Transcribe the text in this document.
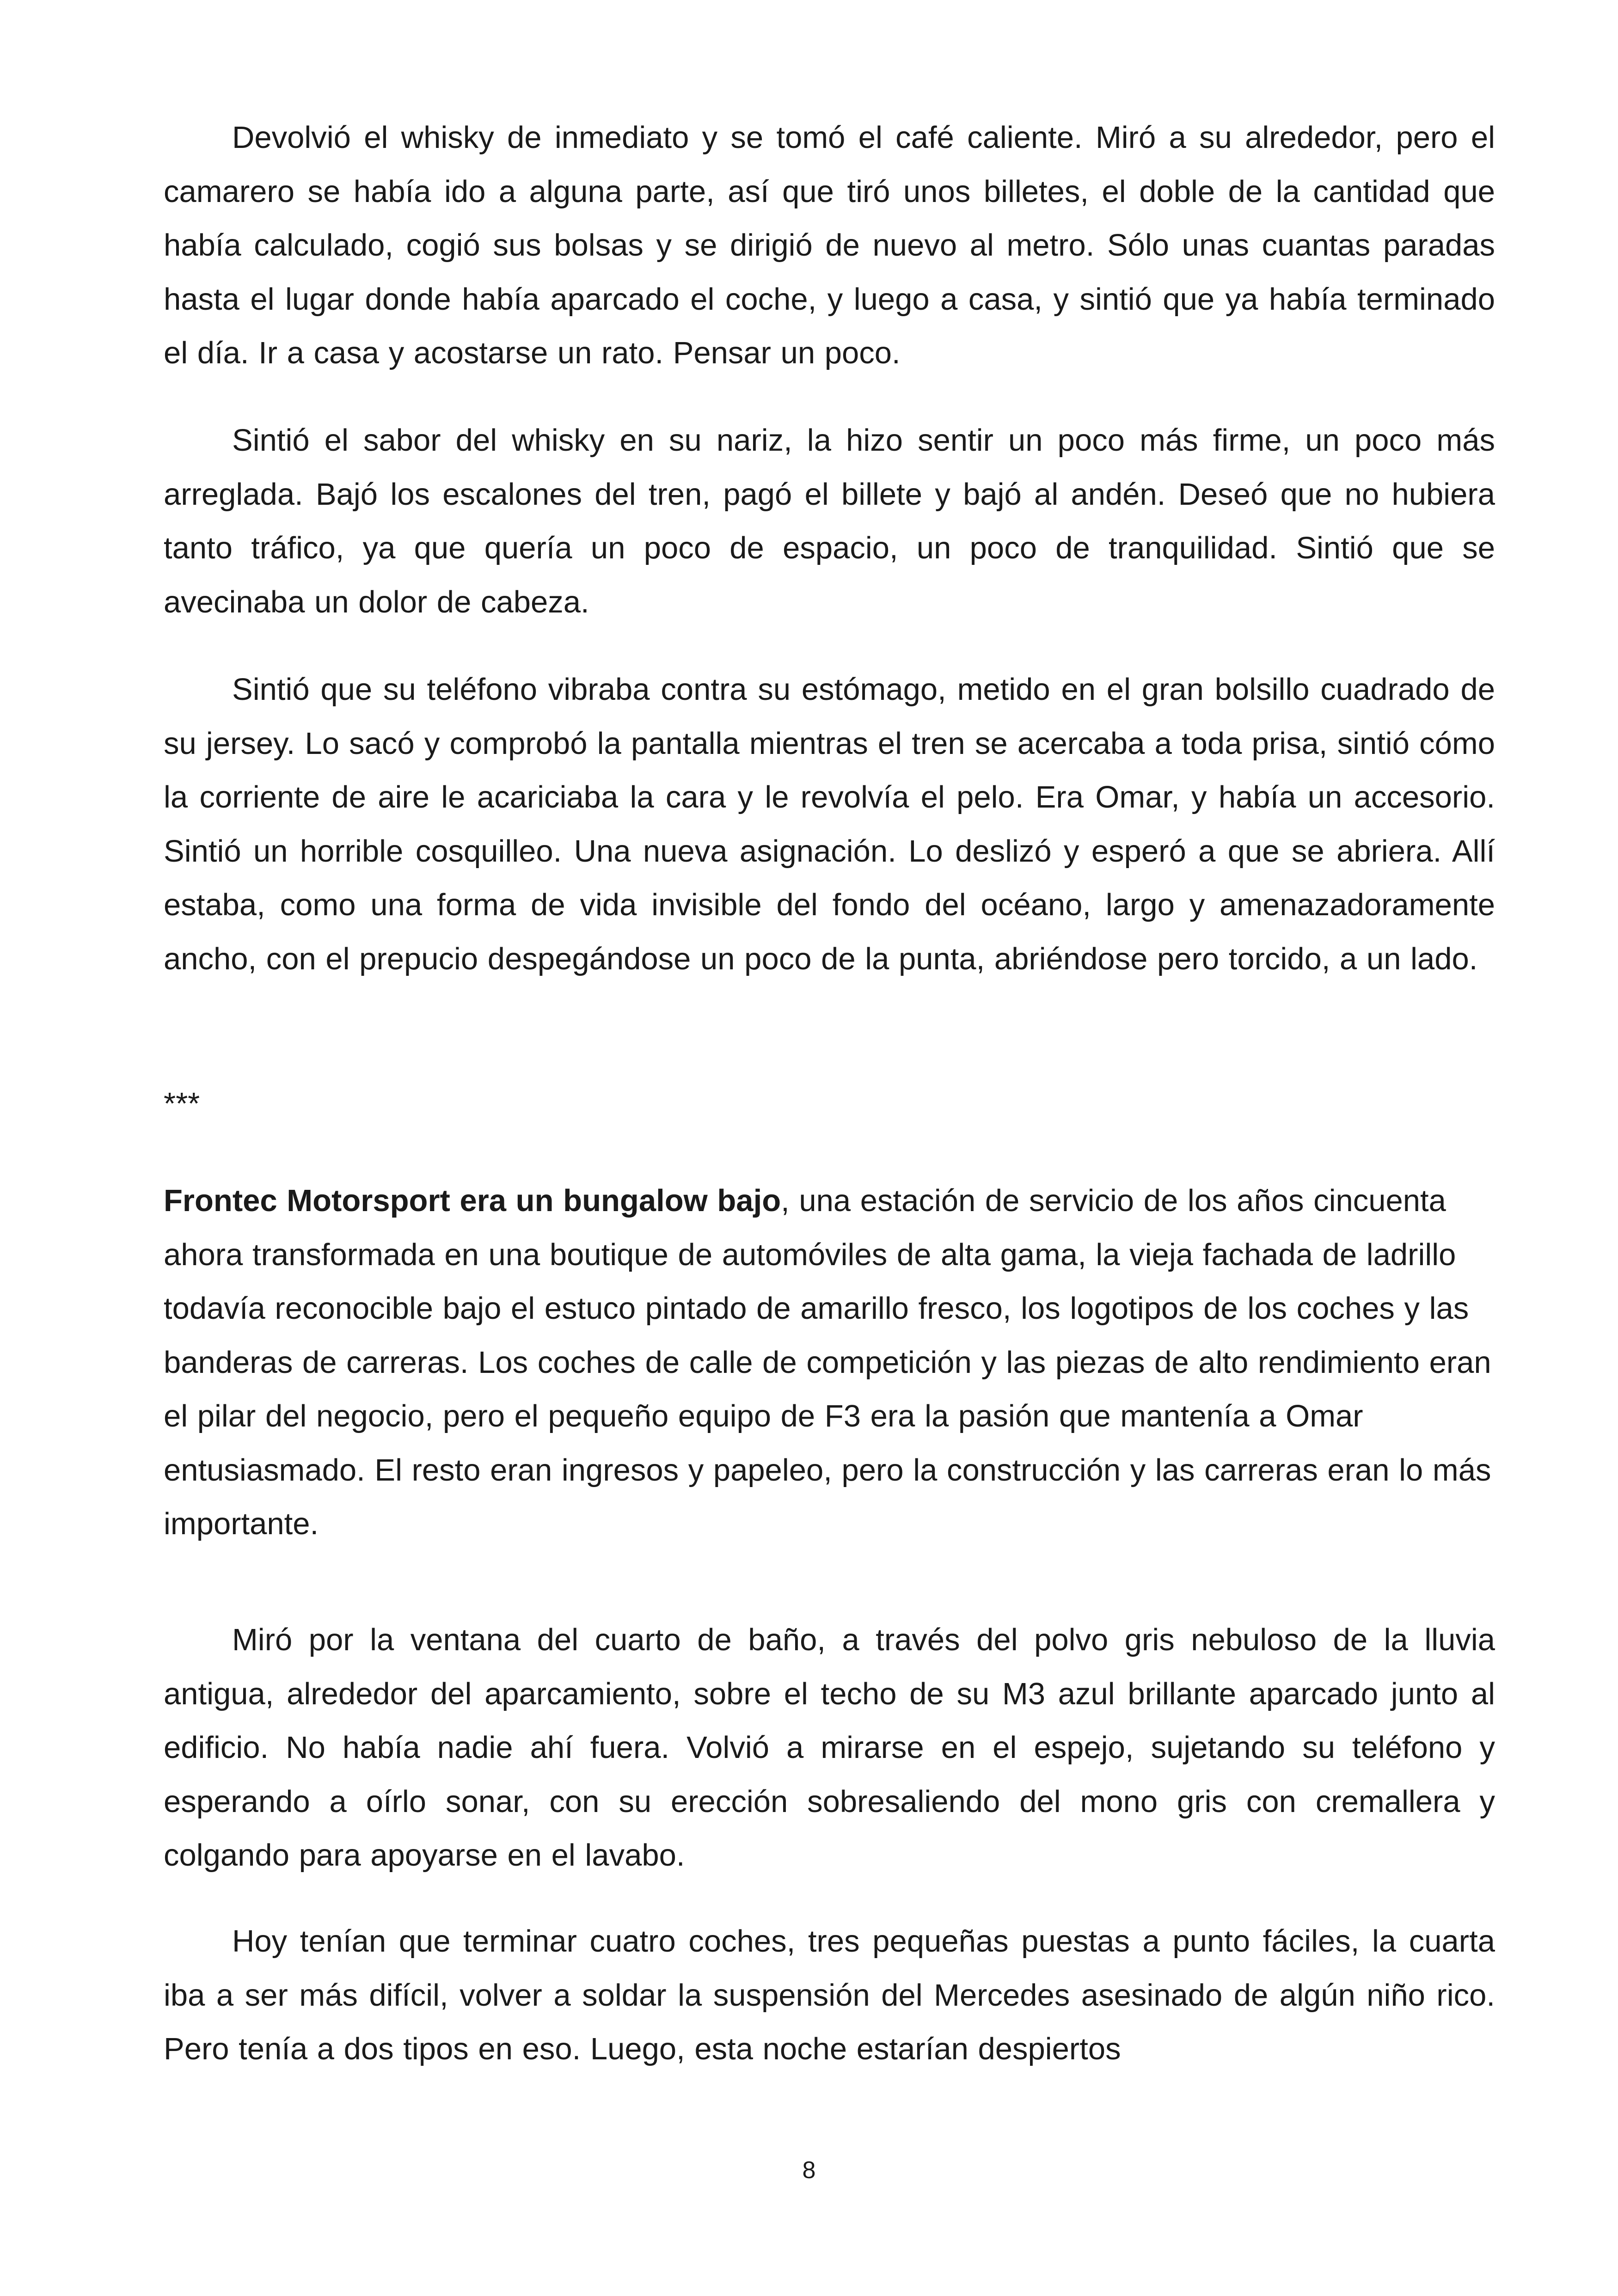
Devolvió el whisky de inmediato y se tomó el café caliente. Miró a su alrededor, pero el camarero se había ido a alguna parte, así que tiró unos billetes, el doble de la cantidad que había calculado, cogió sus bolsas y se dirigió de nuevo al metro. Sólo unas cuantas paradas hasta el lugar donde había aparcado el coche, y luego a casa, y sintió que ya había terminado el día. Ir a casa y acostarse un rato. Pensar un poco.

Sintió el sabor del whisky en su nariz, la hizo sentir un poco más firme, un poco más arreglada. Bajó los escalones del tren, pagó el billete y bajó al andén. Deseó que no hubiera tanto tráfico, ya que quería un poco de espacio, un poco de tranquilidad. Sintió que se avecinaba un dolor de cabeza.

Sintió que su teléfono vibraba contra su estómago, metido en el gran bolsillo cuadrado de su jersey. Lo sacó y comprobó la pantalla mientras el tren se acercaba a toda prisa, sintió cómo la corriente de aire le acariciaba la cara y le revolvía el pelo. Era Omar, y había un accesorio. Sintió un horrible cosquilleo. Una nueva asignación. Lo deslizó y esperó a que se abriera. Allí estaba, como una forma de vida invisible del fondo del océano, largo y amenazadoramente ancho, con el prepucio despegándose un poco de la punta, abriéndose pero torcido, a un lado.

***

Frontec Motorsport era un bungalow bajo, una estación de servicio de los años cincuenta ahora transformada en una boutique de automóviles de alta gama, la vieja fachada de ladrillo todavía reconocible bajo el estuco pintado de amarillo fresco, los logotipos de los coches y las banderas de carreras. Los coches de calle de competición y las piezas de alto rendimiento eran el pilar del negocio, pero el pequeño equipo de F3 era la pasión que mantenía a Omar entusiasmado. El resto eran ingresos y papeleo, pero la construcción y las carreras eran lo más importante.

Miró por la ventana del cuarto de baño, a través del polvo gris nebuloso de la lluvia antigua, alrededor del aparcamiento, sobre el techo de su M3 azul brillante aparcado junto al edificio. No había nadie ahí fuera. Volvió a mirarse en el espejo, sujetando su teléfono y esperando a oírlo sonar, con su erección sobresaliendo del mono gris con cremallera y colgando para apoyarse en el lavabo.

Hoy tenían que terminar cuatro coches, tres pequeñas puestas a punto fáciles, la cuarta iba a ser más difícil, volver a soldar la suspensión del Mercedes asesinado de algún niño rico. Pero tenía a dos tipos en eso. Luego, esta noche estarían despiertos

8
